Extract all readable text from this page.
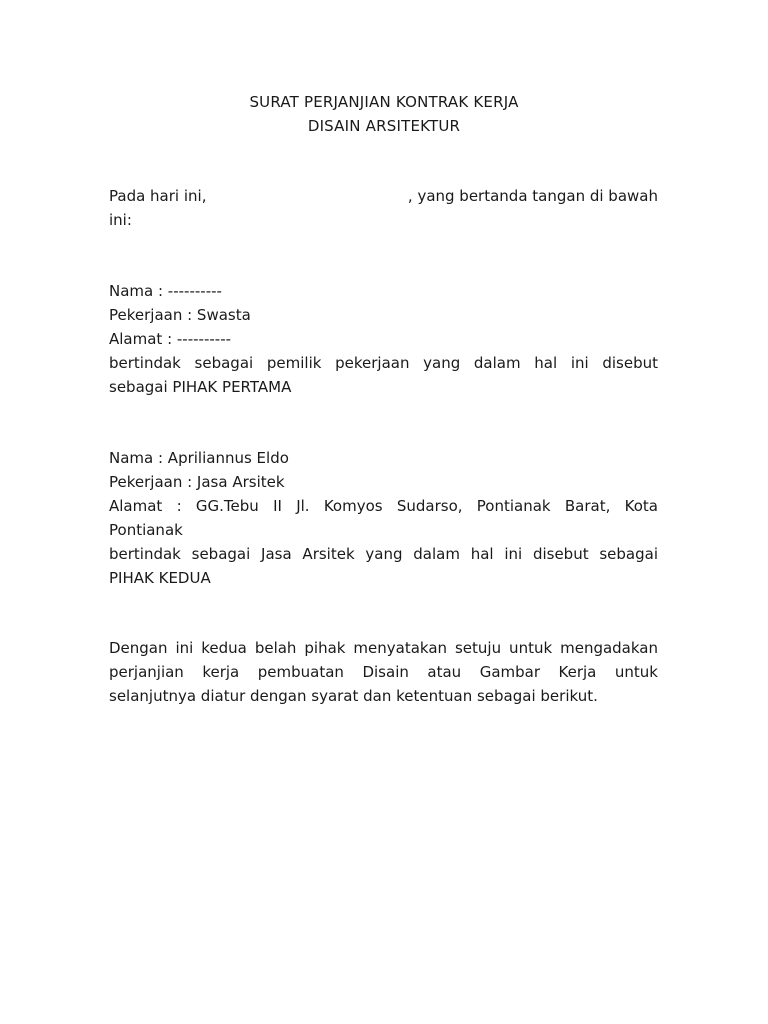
SURAT PERJANJIAN KONTRAK KERJA
DISAIN ARSITEKTUR
Pada hari ini,	, yang bertanda tangan di bawah
ini:
Nama : ----------
Pekerjaan : Swasta
Alamat : ----------
bertindak sebagai pemilik pekerjaan yang dalam hal ini disebut
sebagai PIHAK PERTAMA
Nama : Apriliannus Eldo
Pekerjaan : Jasa Arsitek
Alamat : GG.Tebu II Jl. Komyos Sudarso, Pontianak Barat, Kota
Pontianak
bertindak sebagai Jasa Arsitek yang dalam hal ini disebut sebagai
PIHAK KEDUA
Dengan ini kedua belah pihak menyatakan setuju untuk mengadakan
perjanjian kerja pembuatan Disain atau Gambar Kerja untuk
selanjutnya diatur dengan syarat dan ketentuan sebagai berikut.
